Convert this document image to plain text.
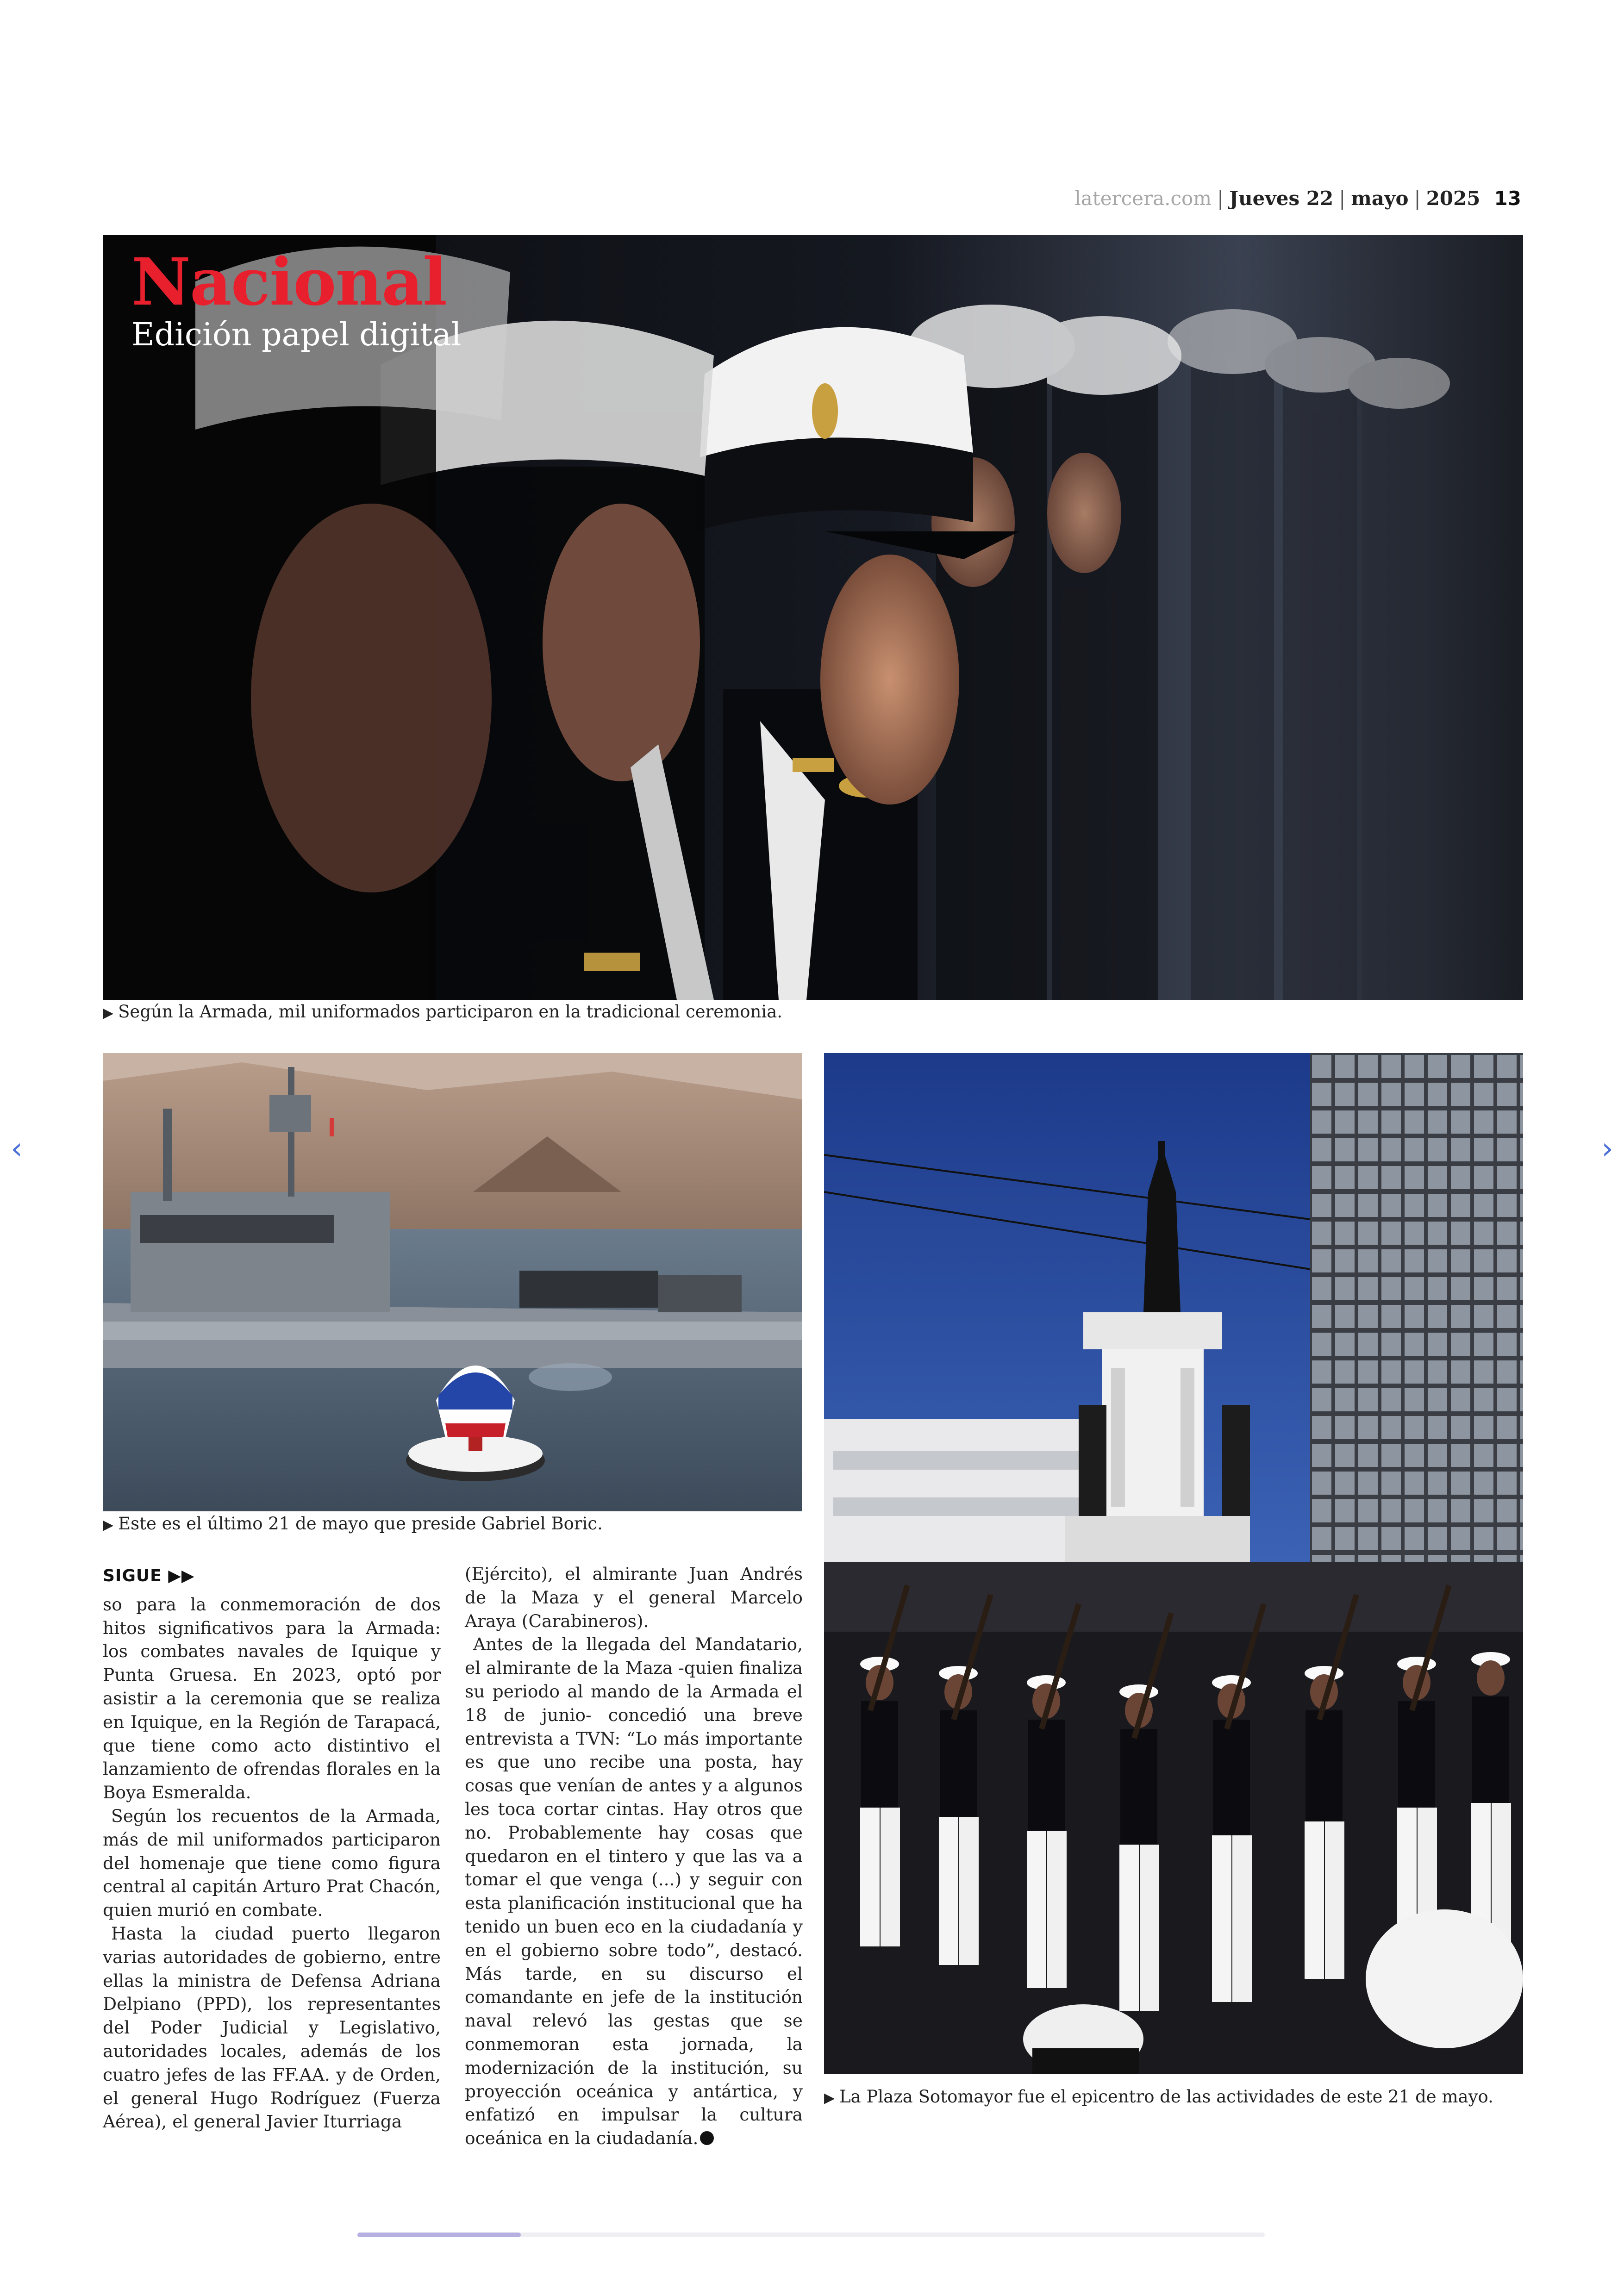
latercera.com | Jueves 22 | mayo | 2025 13
Nacional
Edición papel digital
▶ Según la Armada, mil uniformados participaron en la tradicional ceremonia.
▶ Este es el último 21 de mayo que preside Gabriel Boric.
▶ La Plaza Sotomayor fue el epicentro de las actividades de este 21 de mayo.
SIGUE ▶▶

so para la conmemoración de dos hitos significativos para la Armada: los combates navales de Iquique y Punta Gruesa. En 2023, optó por asistir a la ceremonia que se realiza en Iquique, en la Región de Tarapacá, que tiene como acto distintivo el lanzamiento de ofrendas florales en la Boya Esmeralda.

Según los recuentos de la Armada, más de mil uniformados participaron del homenaje que tiene como figura central al capitán Arturo Prat Chacón, quien murió en combate.

Hasta la ciudad puerto llegaron varias autoridades de gobierno, entre ellas la ministra de Defensa Adriana Delpiano (PPD), los representantes del Poder Judicial y Legislativo, autoridades locales, además de los cuatro jefes de las FF.AA. y de Orden, el general Hugo Rodríguez (Fuerza Aérea), el general Javier Iturriaga

(Ejército), el almirante Juan Andrés de la Maza y el general Marcelo Araya (Carabineros).

Antes de la llegada del Mandatario, el almirante de la Maza -quien finaliza su periodo al mando de la Armada el 18 de junio- concedió una breve entrevista a TVN: “Lo más importante es que uno recibe una posta, hay cosas que venían de antes y a algunos les toca cortar cintas. Hay otros que no. Probablemente hay cosas que quedaron en el tintero y que las va a tomar el que venga (...) y seguir con esta planificación institucional que ha tenido un buen eco en la ciudadanía y en el gobierno sobre todo”, destacó. Más tarde, en su discurso el comandante en jefe de la institución naval relevó las gestas que se conmemoran esta jornada, la modernización de la institución, su proyección oceánica y antártica, y enfatizó en impulsar la cultura oceánica en la ciudadanía.

‹	›
